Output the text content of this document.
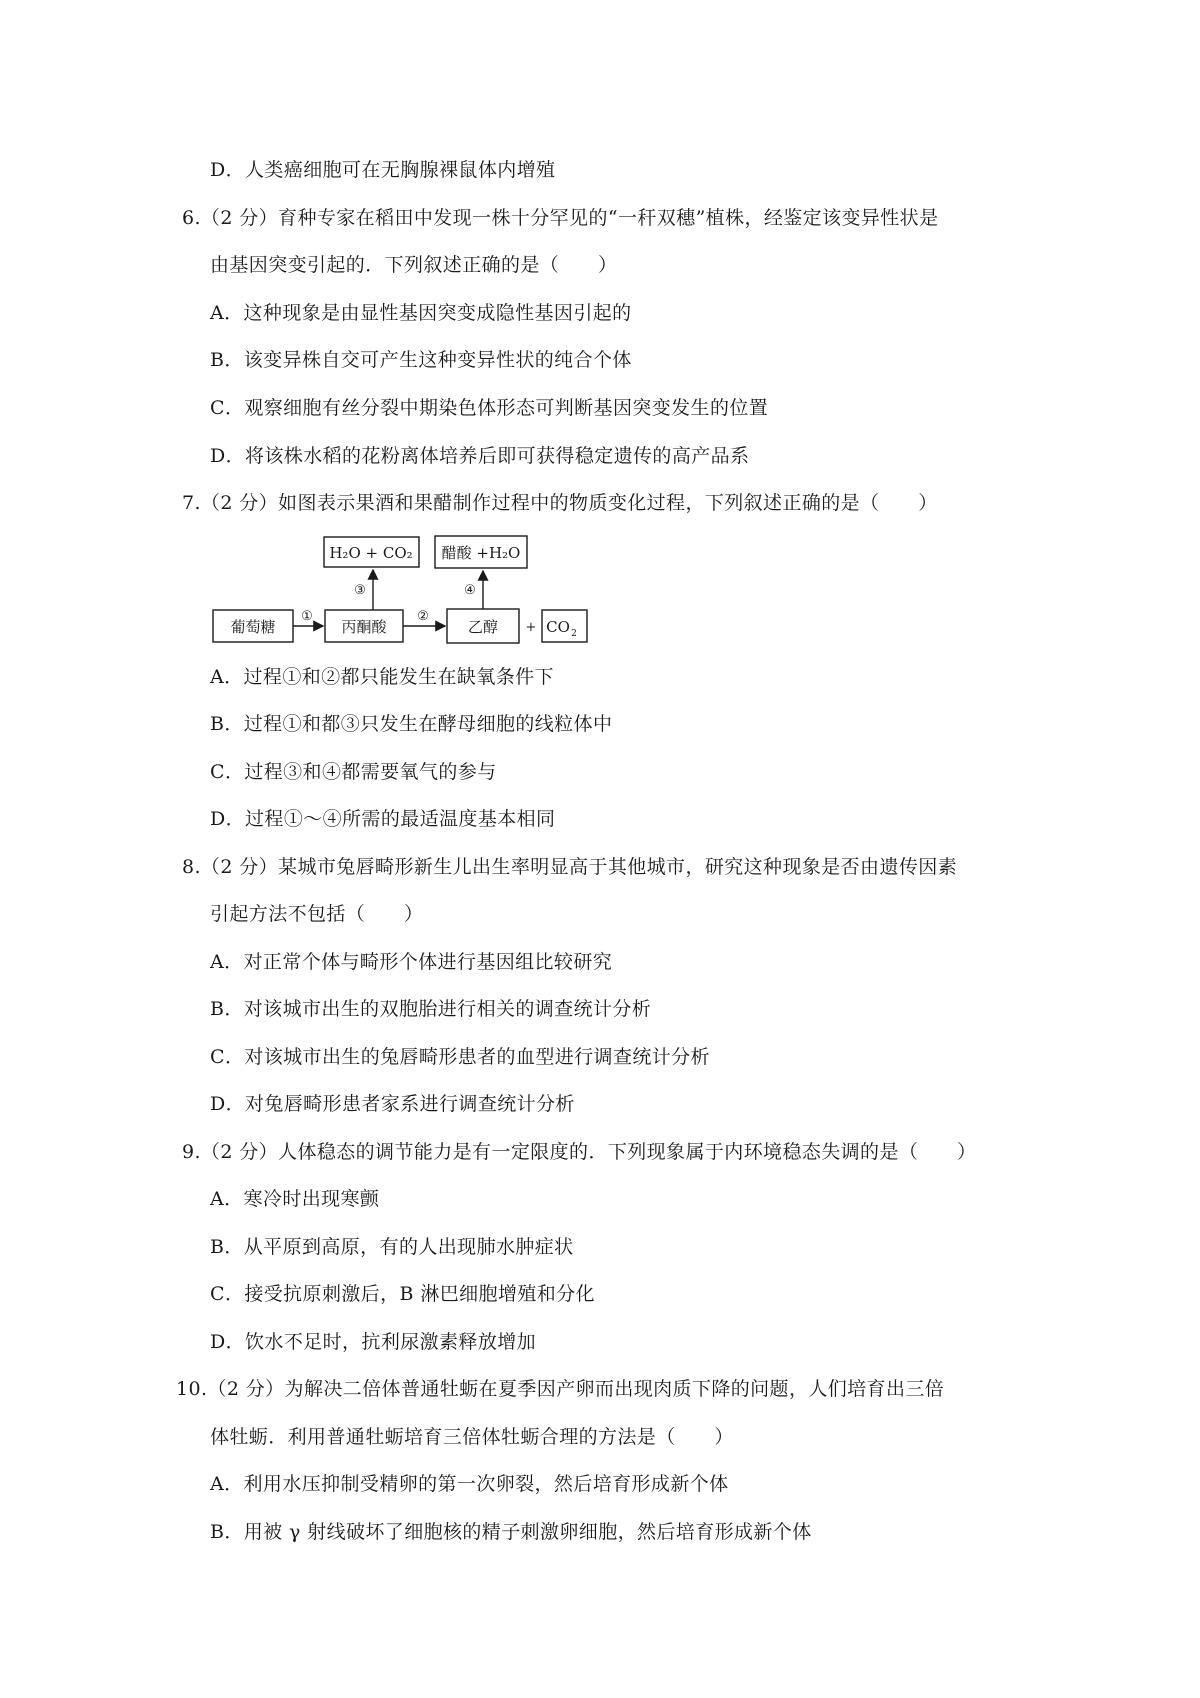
D．人类癌细胞可在无胸腺裸鼠体内增殖
6.（2 分）育种专家在稻田中发现一株十分罕见的“一秆双穗”植株，经鉴定该变异性状是
由基因突变引起的．下列叙述正确的是（　　）
A．这种现象是由显性基因突变成隐性基因引起的
B．该变异株自交可产生这种变异性状的纯合个体
C．观察细胞有丝分裂中期染色体形态可判断基因突变发生的位置
D．将该株水稻的花粉离体培养后即可获得稳定遗传的高产品系
7.（2 分）如图表示果酒和果醋制作过程中的物质变化过程，下列叙述正确的是（　　）
H₂O + CO₂ 醋酸 +H₂O
葡萄糖	丙酮酸	乙醇 + CO 2
①	②
③	④
A．过程①和②都只能发生在缺氧条件下
B．过程①和都③只发生在酵母细胞的线粒体中
C．过程③和④都需要氧气的参与
D．过程①～④所需的最适温度基本相同
8.（2 分）某城市兔唇畸形新生儿出生率明显高于其他城市，研究这种现象是否由遗传因素
引起方法不包括（　　）
A．对正常个体与畸形个体进行基因组比较研究
B．对该城市出生的双胞胎进行相关的调查统计分析
C．对该城市出生的兔唇畸形患者的血型进行调查统计分析
D．对兔唇畸形患者家系进行调查统计分析
9.（2 分）人体稳态的调节能力是有一定限度的．下列现象属于内环境稳态失调的是（　　）
A．寒冷时出现寒颤
B．从平原到高原，有的人出现肺水肿症状
C．接受抗原刺激后，B 淋巴细胞增殖和分化
D．饮水不足时，抗利尿激素释放增加
10.（2 分）为解决二倍体普通牡蛎在夏季因产卵而出现肉质下降的问题，人们培育出三倍
体牡蛎．利用普通牡蛎培育三倍体牡蛎合理的方法是（　　）
A．利用水压抑制受精卵的第一次卵裂，然后培育形成新个体
B．用被 γ 射线破坏了细胞核的精子刺激卵细胞，然后培育形成新个体
